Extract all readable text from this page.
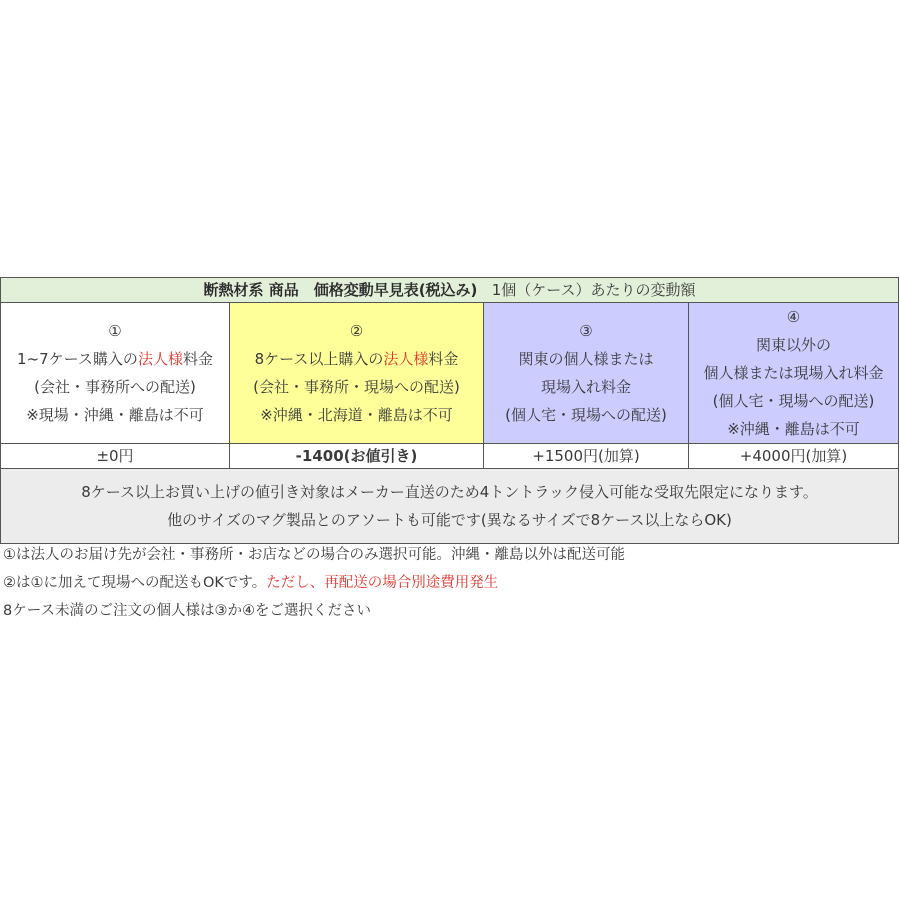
断熱材系 商品　価格変動早見表(税込み) 1個（ケース）あたりの変動額			

①
1~7ケース購入の法人様料金
(会社・事務所への配送)
※現場・沖縄・離島は不可	②
8ケース以上購入の法人様料金
(会社・事務所・現場への配送)
※沖縄・北海道・離島は不可	③
関東の個人様または
現場入れ料金
(個人宅・現場への配送)	④
関東以外の
個人様または現場入れ料金
(個人宅・現場への配送)
※沖縄・離島は不可

±0円	-1400(お値引き)	+1500円(加算)	+4000円(加算)

8ケース以上お買い上げの値引き対象はメーカー直送のため4トントラック侵入可能な受取先限定になります。
他のサイズのマグ製品とのアソートも可能です(異なるサイズで8ケース以上ならOK)			
①は法人のお届け先が会社・事務所・お店などの場合のみ選択可能。沖縄・離島以外は配送可能
②は①に加えて現場への配送もOKです。ただし、再配送の場合別途費用発生
8ケース未満のご注文の個人様は③か④をご選択ください
